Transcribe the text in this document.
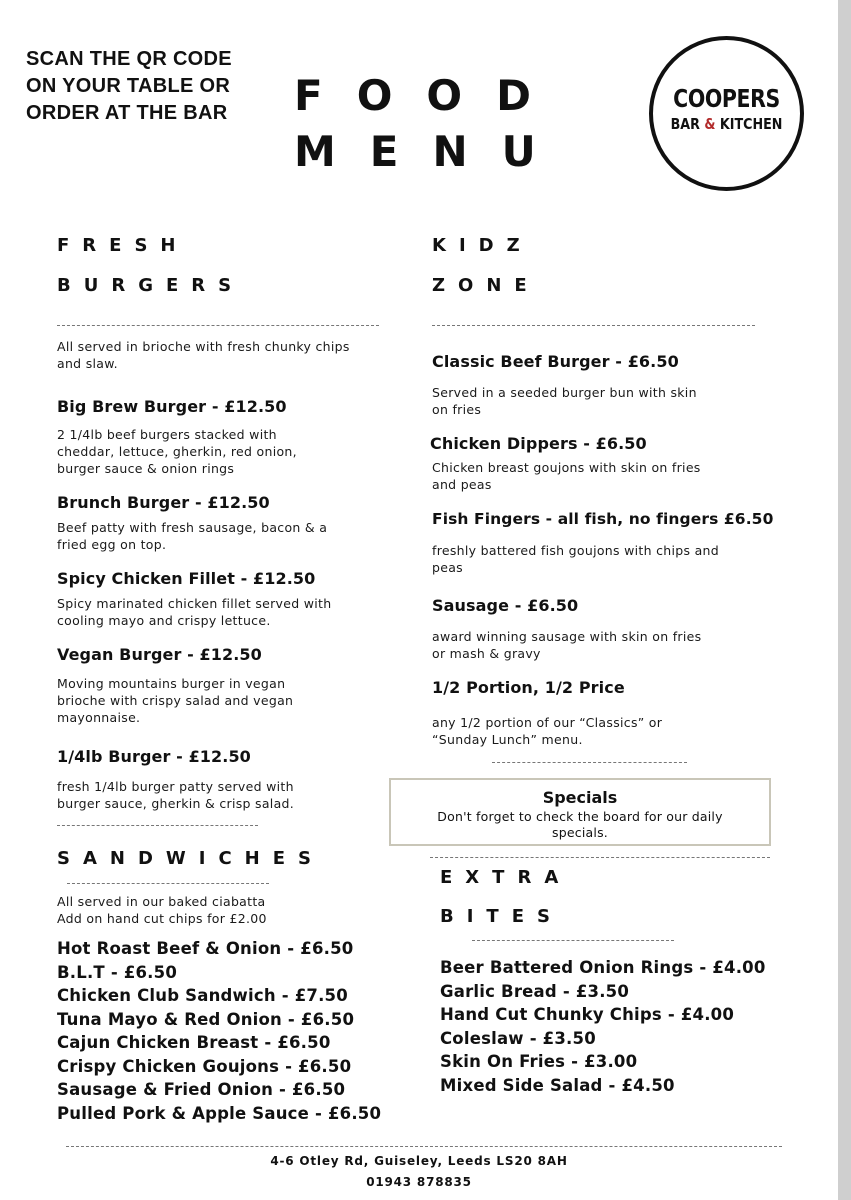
SCAN THE QR CODE
ON YOUR TABLE OR
ORDER AT THE BAR	FOOD
MENU
COOPERS
BAR & KITCHEN
FRESH
BURGERS
All served in brioche with fresh chunky chips and slaw.
Big Brew Burger - £12.50
2 1/4lb beef burgers stacked with cheddar, lettuce, gherkin, red onion, burger sauce & onion rings
Brunch Burger - £12.50
Beef patty with fresh sausage, bacon & a fried egg on top.
Spicy Chicken Fillet - £12.50
Spicy marinated chicken fillet served with cooling mayo and crispy lettuce.
Vegan Burger - £12.50
Moving mountains burger in vegan brioche with crispy salad and vegan mayonnaise.
1/4lb Burger - £12.50
fresh 1/4lb burger patty served with burger sauce, gherkin & crisp salad.
SANDWICHES
All served in our baked ciabatta
Add on hand cut chips for £2.00
Hot Roast Beef & Onion - £6.50
B.L.T - £6.50
Chicken Club Sandwich - £7.50
Tuna Mayo & Red Onion - £6.50
Cajun Chicken Breast - £6.50
Crispy Chicken Goujons - £6.50
Sausage & Fried Onion - £6.50
Pulled Pork & Apple Sauce - £6.50
KIDZ
ZONE
Classic Beef Burger - £6.50
Served in a seeded burger bun with skin on fries
Chicken Dippers - £6.50
Chicken breast goujons with skin on fries and peas
Fish Fingers - all fish, no fingers £6.50
freshly battered fish goujons with chips and peas
Sausage - £6.50
award winning sausage with skin on fries or mash & gravy
1/2 Portion, 1/2 Price
any 1/2 portion of our “Classics” or “Sunday Lunch” menu.
Specials
Don't forget to check the board for our daily specials.
EXTRA
BITES
Beer Battered Onion Rings - £4.00
Garlic Bread - £3.50
Hand Cut Chunky Chips - £4.00
Coleslaw - £3.50
Skin On Fries - £3.00
Mixed Side Salad - £4.50
4-6 Otley Rd, Guiseley, Leeds LS20 8AH
01943 878835
